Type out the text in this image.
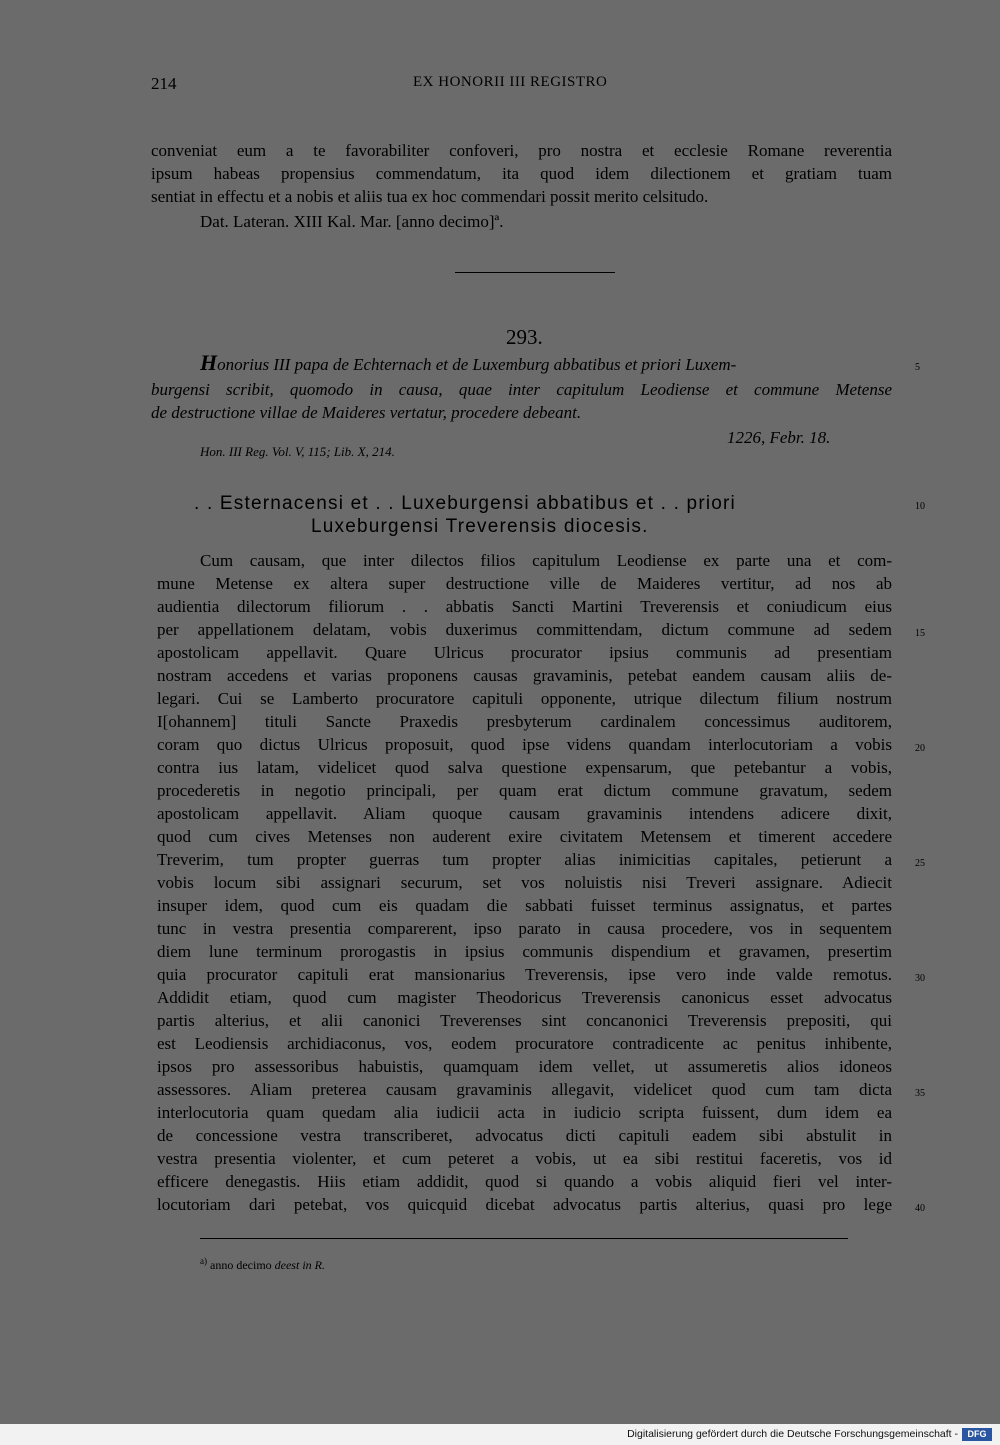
214	EX HONORII III REGISTRO
conveniat eum a te favorabiliter confoveri, pro nostra et ecclesie Romane reverentia
ipsum habeas propensius commendatum, ita quod idem dilectionem et gratiam tuam
sentiat in effectu et a nobis et aliis tua ex hoc commendari possit merito celsitudo.
Dat. Lateran. XIII Kal. Mar. [anno decimo]ª.
293.
Honorius III papa de Echternach et de Luxemburg abbatibus et priori Luxem-
burgensi scribit, quomodo in causa, quae inter capitulum Leodiense et commune Metense
de destructione villae de Maideres vertatur, procedere debeant.
1226, Febr. 18.
Hon. III Reg. Vol. V, 115; Lib. X, 214.
. . Esternacensi et . . Luxeburgensi abbatibus et . . priori
Luxeburgensi Treverensis diocesis.
Cum causam, que inter dilectos filios capitulum Leodiense ex parte una et com-
mune Metense ex altera super destructione ville de Maideres vertitur, ad nos ab
audientia dilectorum filiorum . . abbatis Sancti Martini Treverensis et coniudicum eius
per appellationem delatam, vobis duxerimus committendam, dictum commune ad sedem
apostolicam appellavit. Quare Ulricus procurator ipsius communis ad presentiam
nostram accedens et varias proponens causas gravaminis, petebat eandem causam aliis de-
legari. Cui se Lamberto procuratore capituli opponente, utrique dilectum filium nostrum
I[ohannem] tituli Sancte Praxedis presbyterum cardinalem concessimus auditorem,
coram quo dictus Ulricus proposuit, quod ipse videns quandam interlocutoriam a vobis
contra ius latam, videlicet quod salva questione expensarum, que petebantur a vobis,
procederetis in negotio principali, per quam erat dictum commune gravatum, sedem
apostolicam appellavit. Aliam quoque causam gravaminis intendens adicere dixit,
quod cum cives Metenses non auderent exire civitatem Metensem et timerent accedere
Treverim, tum propter guerras tum propter alias inimicitias capitales, petierunt a
vobis locum sibi assignari securum, set vos noluistis nisi Treveri assignare. Adiecit
insuper idem, quod cum eis quadam die sabbati fuisset terminus assignatus, et partes
tunc in vestra presentia comparerent, ipso parato in causa procedere, vos in sequentem
diem lune terminum prorogastis in ipsius communis dispendium et gravamen, presertim
quia procurator capituli erat mansionarius Treverensis, ipse vero inde valde remotus.
Addidit etiam, quod cum magister Theodoricus Treverensis canonicus esset advocatus
partis alterius, et alii canonici Treverenses sint concanonici Treverensis prepositi, qui
est Leodiensis archidiaconus, vos, eodem procuratore contradicente ac penitus inhibente,
ipsos pro assessoribus habuistis, quamquam idem vellet, ut assumeretis alios idoneos
assessores. Aliam preterea causam gravaminis allegavit, videlicet quod cum tam dicta
interlocutoria quam quedam alia iudicii acta in iudicio scripta fuissent, dum idem ea
de concessione vestra transcriberet, advocatus dicti capituli eadem sibi abstulit in
vestra presentia violenter, et cum peteret a vobis, ut ea sibi restitui faceretis, vos id
efficere denegastis. Hiis etiam addidit, quod si quando a vobis aliquid fieri vel inter-
locutoriam dari petebat, vos quicquid dicebat advocatus partis alterius, quasi pro lege
5
10
15
20
25
30
35
40
$^{a)}$ anno decimo deest in R.
Digitalisierung gefördert durch die Deutsche Forschungsgemeinschaft -	DFG
